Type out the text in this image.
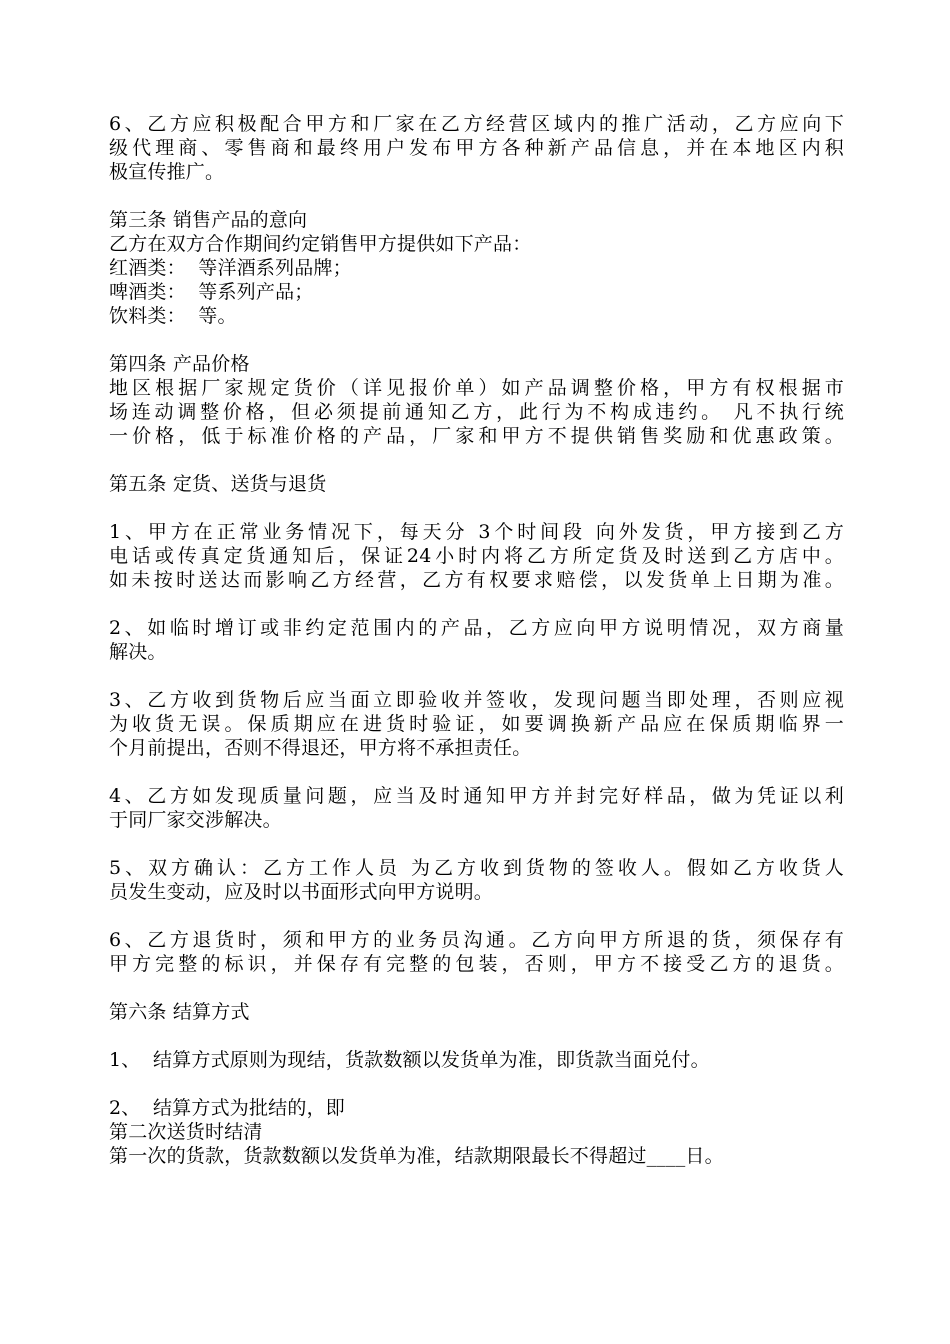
6、乙方应积极配合甲方和厂家在乙方经营区域内的推广活动，乙方应向下
级代理商、零售商和最终用户发布甲方各种新产品信息，并在本地区内积
极宣传推广。
第三条 销售产品的意向
乙方在双方合作期间约定销售甲方提供如下产品：
红酒类：  等洋酒系列品牌；
啤酒类：  等系列产品；
饮料类：  等。
第四条 产品价格
地区根据厂家规定货价（详见报价单）如产品调整价格，甲方有权根据市
场连动调整价格，但必须提前通知乙方，此行为不构成违约。 凡不执行统
一价格，低于标准价格的产品，厂家和甲方不提供销售奖励和优惠政策。
第五条 定货、送货与退货
1、甲方在正常业务情况下，每天分 3个时间段 向外发货，甲方接到乙方
电话或传真定货通知后，保证24小时内将乙方所定货及时送到乙方店中。
如未按时送达而影响乙方经营，乙方有权要求赔偿，以发货单上日期为准。
2、如临时增订或非约定范围内的产品，乙方应向甲方说明情况，双方商量
解决。
3、乙方收到货物后应当面立即验收并签收，发现问题当即处理，否则应视
为收货无误。保质期应在进货时验证，如要调换新产品应在保质期临界一
个月前提出，否则不得退还，甲方将不承担责任。
4、乙方如发现质量问题，应当及时通知甲方并封完好样品，做为凭证以利
于同厂家交涉解决。
5、双方确认：乙方工作人员 为乙方收到货物的签收人。假如乙方收货人
员发生变动，应及时以书面形式向甲方说明。
6、乙方退货时，须和甲方的业务员沟通。乙方向甲方所退的货，须保存有
甲方完整的标识，并保存有完整的包装，否则，甲方不接受乙方的退货。
第六条 结算方式
1、  结算方式原则为现结，货款数额以发货单为准，即货款当面兑付。
2、  结算方式为批结的，即
第二次送货时结清
第一次的货款，货款数额以发货单为准，结款期限最长不得超过____日。
